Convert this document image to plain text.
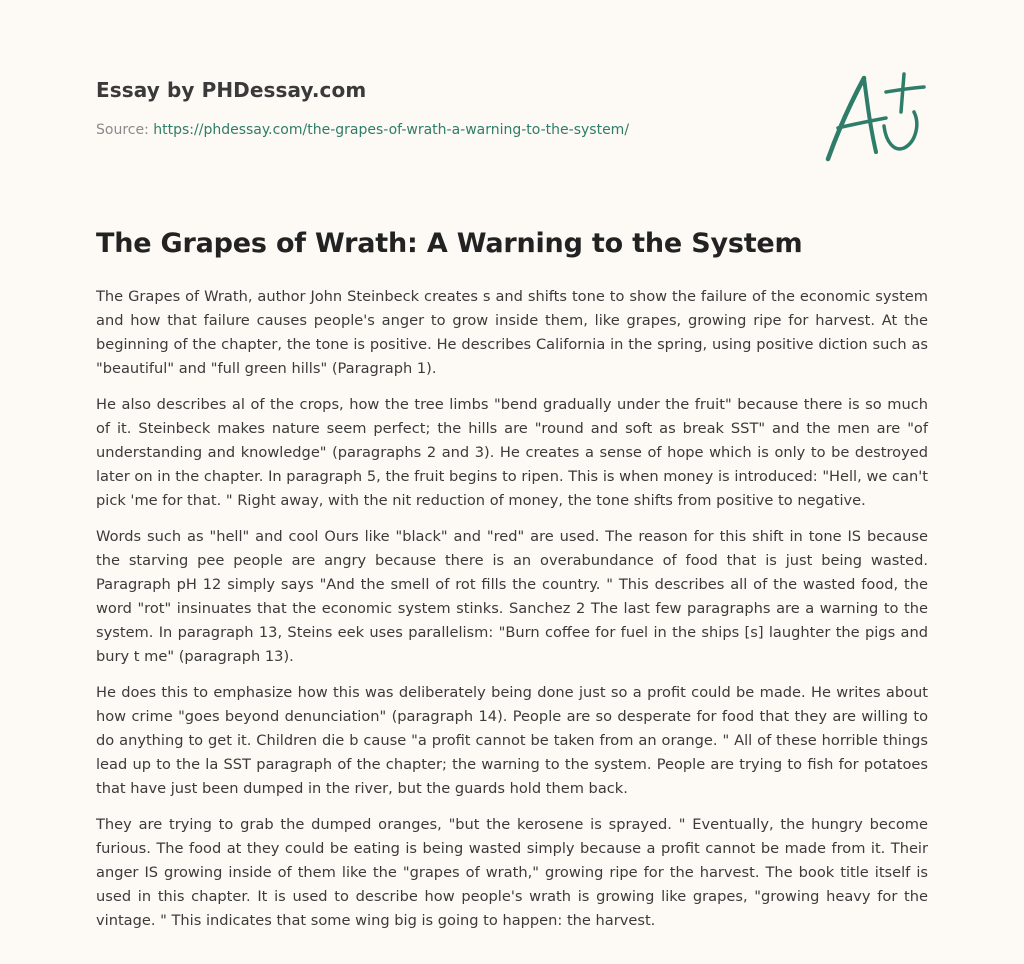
Essay by PHDessay.com
Source: https://phdessay.com/the-grapes-of-wrath-a-warning-to-the-system/
The Grapes of Wrath: A Warning to the System

The Grapes of Wrath, author John Steinbeck creates s and shifts tone to show the failure of the economic system and how that failure causes people's anger to grow inside them, like grapes, growing ripe for harvest. At the beginning of the chapter, the tone is positive. He describes California in the spring, using positive diction such as "beautiful" and "full green hills" (Paragraph 1).

He also describes al of the crops, how the tree limbs "bend gradually under the fruit" because there is so much of it. Steinbeck makes nature seem perfect; the hills are "round and soft as break SST" and the men are "of understanding and knowledge" (paragraphs 2 and 3). He creates a sense of hope which is only to be destroyed later on in the chapter. In paragraph 5, the fruit begins to ripen. This is when money is introduced: "Hell, we can't pick 'me for that. " Right away, with the nit reduction of money, the tone shifts from positive to negative.

Words such as "hell" and cool Ours like "black" and "red" are used. The reason for this shift in tone IS because the starving pee people are angry because there is an overabundance of food that is just being wasted. Paragraph pH 12 simply says "And the smell of rot fills the country. " This describes all of the wasted food, the word "rot" insinuates that the economic system stinks. Sanchez 2 The last few paragraphs are a warning to the system. In paragraph 13, Steins eek uses parallelism: "Burn coffee for fuel in the ships [s] laughter the pigs and bury t me" (paragraph 13).

He does this to emphasize how this was deliberately being done just so a profit could be made. He writes about how crime "goes beyond denunciation" (paragraph 14). People are so desperate for food that they are willing to do anything to get it. Children die b cause "a profit cannot be taken from an orange. " All of these horrible things lead up to the la SST paragraph of the chapter; the warning to the system. People are trying to fish for potatoes that have just been dumped in the river, but the guards hold them back.

They are trying to grab the dumped oranges, "but the kerosene is sprayed. " Eventually, the hungry become furious. The food at they could be eating is being wasted simply because a profit cannot be made from it. Their anger IS growing inside of them like the "grapes of wrath," growing ripe for the harvest. The book title itself is used in this chapter. It is used to describe how people's wrath is growing like grapes, "growing heavy for the vintage. " This indicates that some wing big is going to happen: the harvest.
